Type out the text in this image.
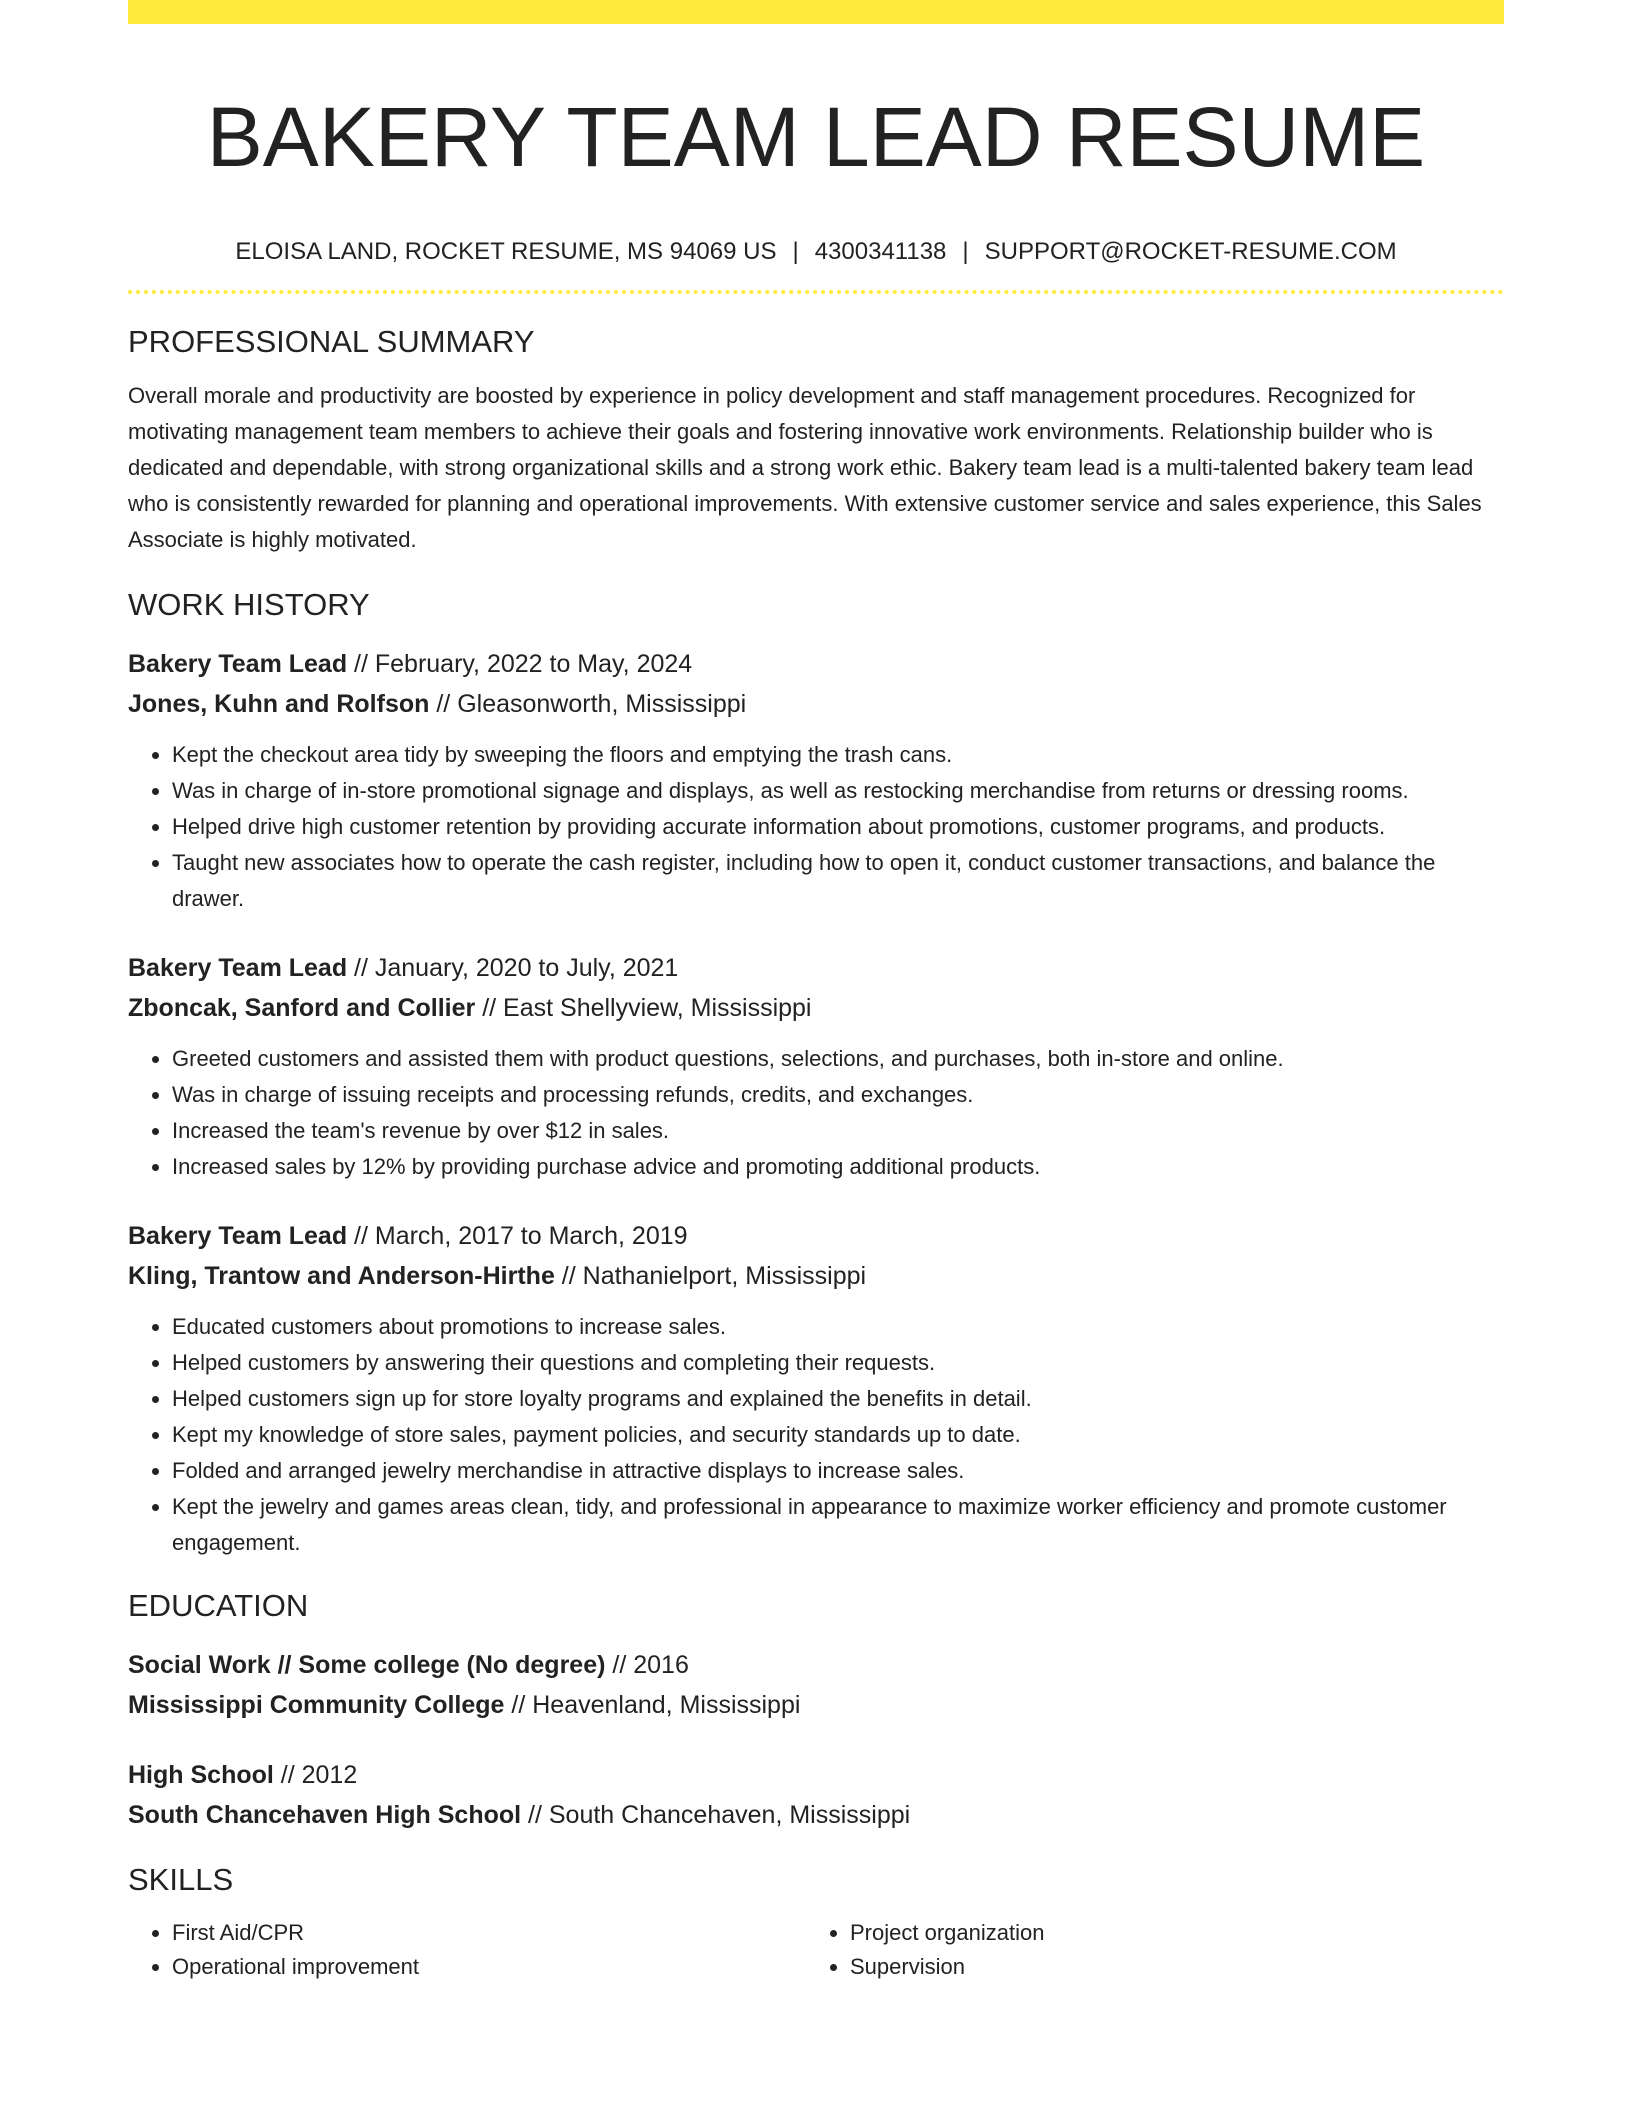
BAKERY TEAM LEAD RESUME
ELOISA LAND, ROCKET RESUME, MS 94069 US | 4300341138 | SUPPORT@ROCKET-RESUME.COM
PROFESSIONAL SUMMARY
Overall morale and productivity are boosted by experience in policy development and staff management procedures. Recognized for motivating management team members to achieve their goals and fostering innovative work environments. Relationship builder who is dedicated and dependable, with strong organizational skills and a strong work ethic. Bakery team lead is a multi-talented bakery team lead who is consistently rewarded for planning and operational improvements. With extensive customer service and sales experience, this Sales Associate is highly motivated.
WORK HISTORY
Bakery Team Lead // February, 2022 to May, 2024
Jones, Kuhn and Rolfson // Gleasonworth, Mississippi
• Kept the checkout area tidy by sweeping the floors and emptying the trash cans.
• Was in charge of in-store promotional signage and displays, as well as restocking merchandise from returns or dressing rooms.
• Helped drive high customer retention by providing accurate information about promotions, customer programs, and products.
• Taught new associates how to operate the cash register, including how to open it, conduct customer transactions, and balance the drawer.
Bakery Team Lead // January, 2020 to July, 2021
Zboncak, Sanford and Collier // East Shellyview, Mississippi
• Greeted customers and assisted them with product questions, selections, and purchases, both in-store and online.
• Was in charge of issuing receipts and processing refunds, credits, and exchanges.
• Increased the team's revenue by over $12 in sales.
• Increased sales by 12% by providing purchase advice and promoting additional products.
Bakery Team Lead // March, 2017 to March, 2019
Kling, Trantow and Anderson-Hirthe // Nathanielport, Mississippi
• Educated customers about promotions to increase sales.
• Helped customers by answering their questions and completing their requests.
• Helped customers sign up for store loyalty programs and explained the benefits in detail.
• Kept my knowledge of store sales, payment policies, and security standards up to date.
• Folded and arranged jewelry merchandise in attractive displays to increase sales.
• Kept the jewelry and games areas clean, tidy, and professional in appearance to maximize worker efficiency and promote customer engagement.
EDUCATION
Social Work // Some college (No degree) // 2016
Mississippi Community College // Heavenland, Mississippi
High School // 2012
South Chancehaven High School // South Chancehaven, Mississippi
SKILLS
• First Aid/CPR
• Operational improvement
• Project organization
• Supervision
